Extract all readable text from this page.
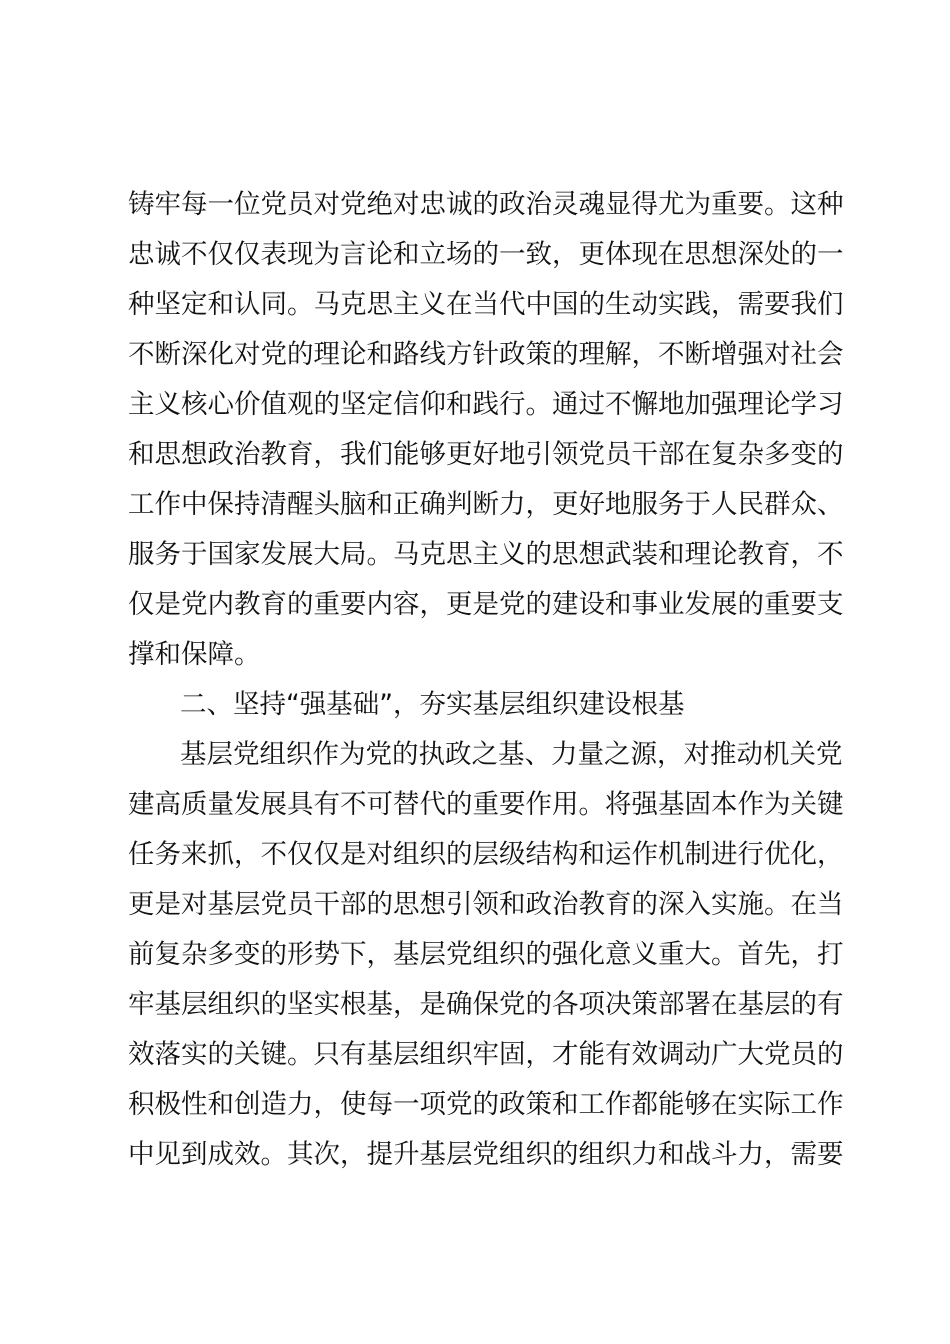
铸牢每一位党员对党绝对忠诚的政治灵魂显得尤为重要。这种
忠诚不仅仅表现为言论和立场的一致，更体现在思想深处的一
种坚定和认同。马克思主义在当代中国的生动实践，需要我们
不断深化对党的理论和路线方针政策的理解，不断增强对社会
主义核心价值观的坚定信仰和践行。通过不懈地加强理论学习
和思想政治教育，我们能够更好地引领党员干部在复杂多变的
工作中保持清醒头脑和正确判断力，更好地服务于人民群众、
服务于国家发展大局。马克思主义的思想武装和理论教育，不
仅是党内教育的重要内容，更是党的建设和事业发展的重要支
撑和保障。
二、坚持“强基础”，夯实基层组织建设根基
基层党组织作为党的执政之基、力量之源，对推动机关党
建高质量发展具有不可替代的重要作用。将强基固本作为关键
任务来抓，不仅仅是对组织的层级结构和运作机制进行优化，
更是对基层党员干部的思想引领和政治教育的深入实施。在当
前复杂多变的形势下，基层党组织的强化意义重大。首先，打
牢基层组织的坚实根基，是确保党的各项决策部署在基层的有
效落实的关键。只有基层组织牢固，才能有效调动广大党员的
积极性和创造力，使每一项党的政策和工作都能够在实际工作
中见到成效。其次，提升基层党组织的组织力和战斗力，需要
